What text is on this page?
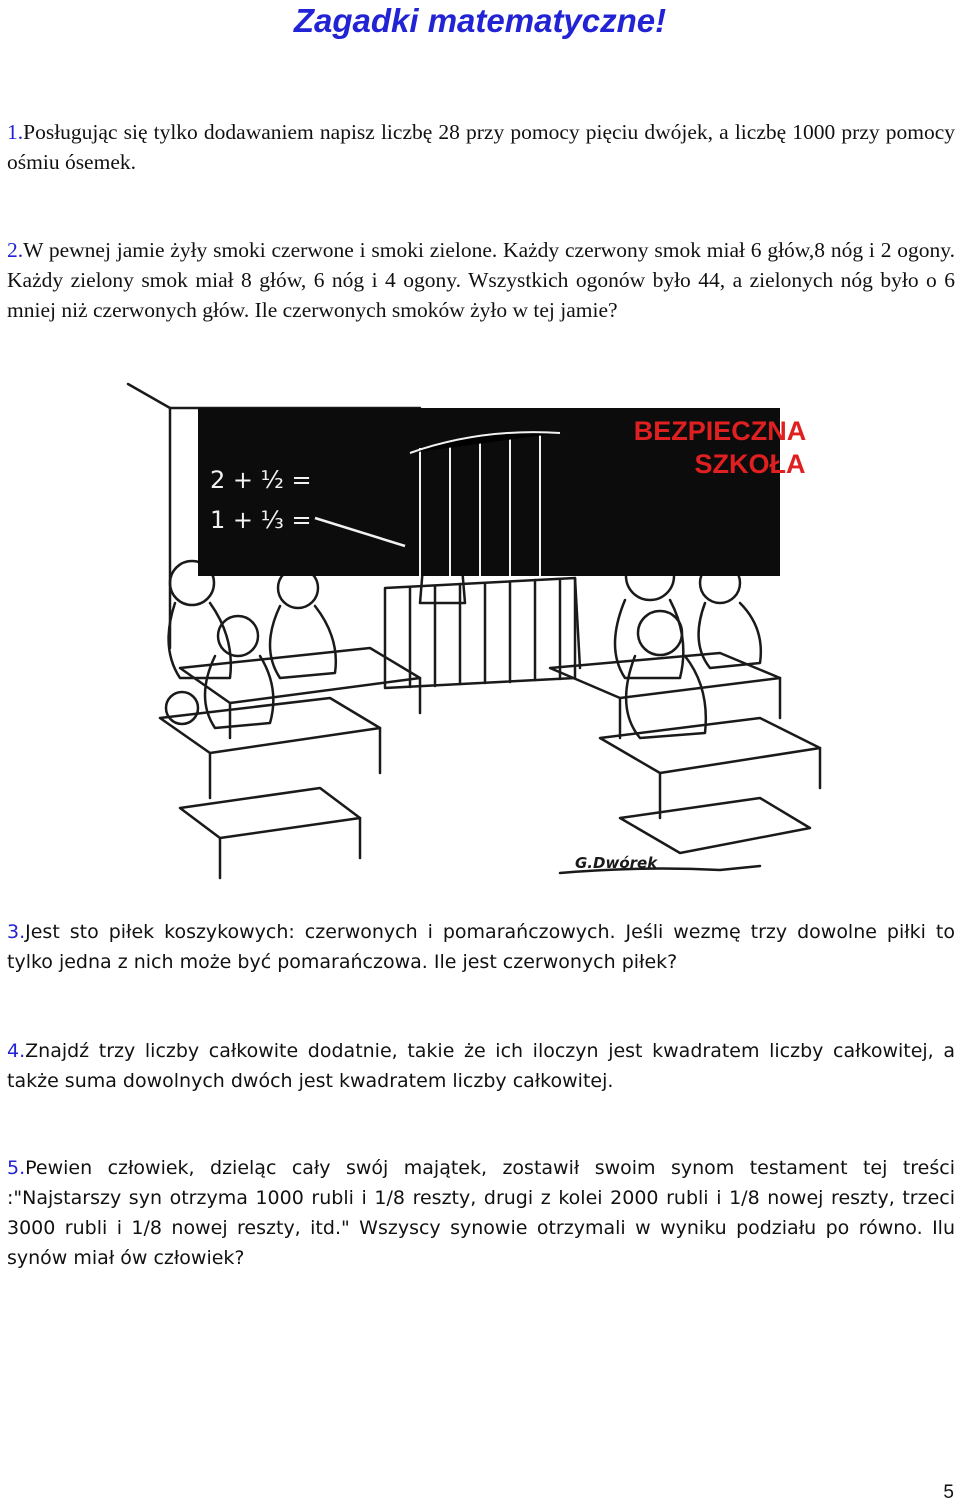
Zagadki matematyczne!

1.Posługując się tylko dodawaniem napisz liczbę 28 przy pomocy pięciu dwójek, a liczbę 1000 przy pomocy ośmiu ósemek.

2.W pewnej jamie żyły smoki czerwone i smoki zielone. Każdy czerwony smok miał 6 głów,8 nóg i 2 ogony. Każdy zielony smok miał 8 głów, 6 nóg i 4 ogony. Wszystkich ogonów było 44, a zielonych nóg było o 6 mniej niż czerwonych głów. Ile czerwonych smoków żyło w tej jamie?

2 + ½ =
1 + ⅓ =
BEZPIECZNA
SZKOŁA
G.Dwórek

3.Jest sto piłek koszykowych: czerwonych i pomarańczowych. Jeśli wezmę trzy dowolne piłki to tylko jedna z nich może być pomarańczowa. Ile jest czerwonych piłek?

4.Znajdź trzy liczby całkowite dodatnie, takie że ich iloczyn jest kwadratem liczby całkowitej, a także suma dowolnych dwóch jest kwadratem liczby całkowitej.

5.Pewien człowiek, dzieląc cały swój majątek, zostawił swoim synom testament tej treści :"Najstarszy syn otrzyma 1000 rubli i 1/8 reszty, drugi z kolei 2000 rubli i 1/8 nowej reszty, trzeci 3000 rubli i 1/8 nowej reszty, itd." Wszyscy synowie otrzymali w wyniku podziału po równo. Ilu synów miał ów człowiek?

5
